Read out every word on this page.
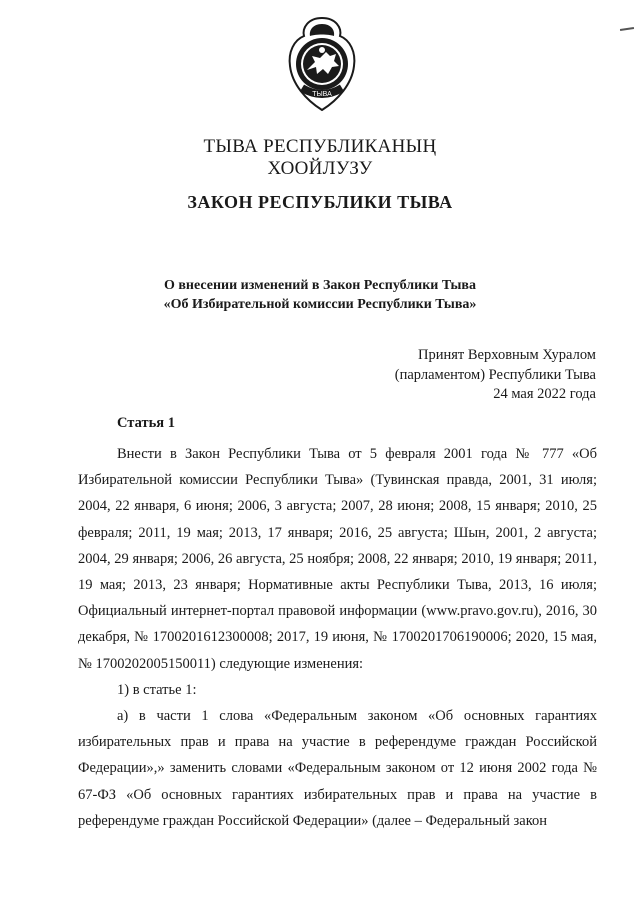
ТЫВА
ТЫВА РЕСПУБЛИКАНЫҢ
ХООЙЛУЗУ
ЗАКОН РЕСПУБЛИКИ ТЫВА
О внесении изменений в Закон Республики Тыва
«Об Избирательной комиссии Республики Тыва»
Принят Верховным Хуралом
(парламентом) Республики Тыва
24 мая 2022 года
Статья 1

Внести в Закон Республики Тыва от 5 февраля 2001 года № 777 «Об Избирательной комиссии Республики Тыва» (Тувинская правда, 2001, 31 июля; 2004, 22 января, 6 июня; 2006, 3 августа; 2007, 28 июня; 2008, 15 января; 2010, 25 февраля; 2011, 19 мая; 2013, 17 января; 2016, 25 августа; Шын, 2001, 2 августа; 2004, 29 января; 2006, 26 августа, 25 ноября; 2008, 22 января; 2010, 19 января; 2011, 19 мая; 2013, 23 января; Нормативные акты Республики Тыва, 2013, 16 июля; Официальный интернет-портал правовой информации (www.pravo.gov.ru), 2016, 30 декабря, № 1700201612300008; 2017, 19 июня, № 1700201706190006; 2020, 15 мая, № 1700202005150011) следующие изменения:

1) в статье 1:

а) в части 1 слова «Федеральным законом «Об основных гарантиях избирательных прав и права на участие в референдуме граждан Российской Федерации»,» заменить словами «Федеральным законом от 12 июня 2002 года № 67-ФЗ «Об основных гарантиях избирательных прав и права на участие в референдуме граждан Российской Федерации» (далее – Федеральный закон
